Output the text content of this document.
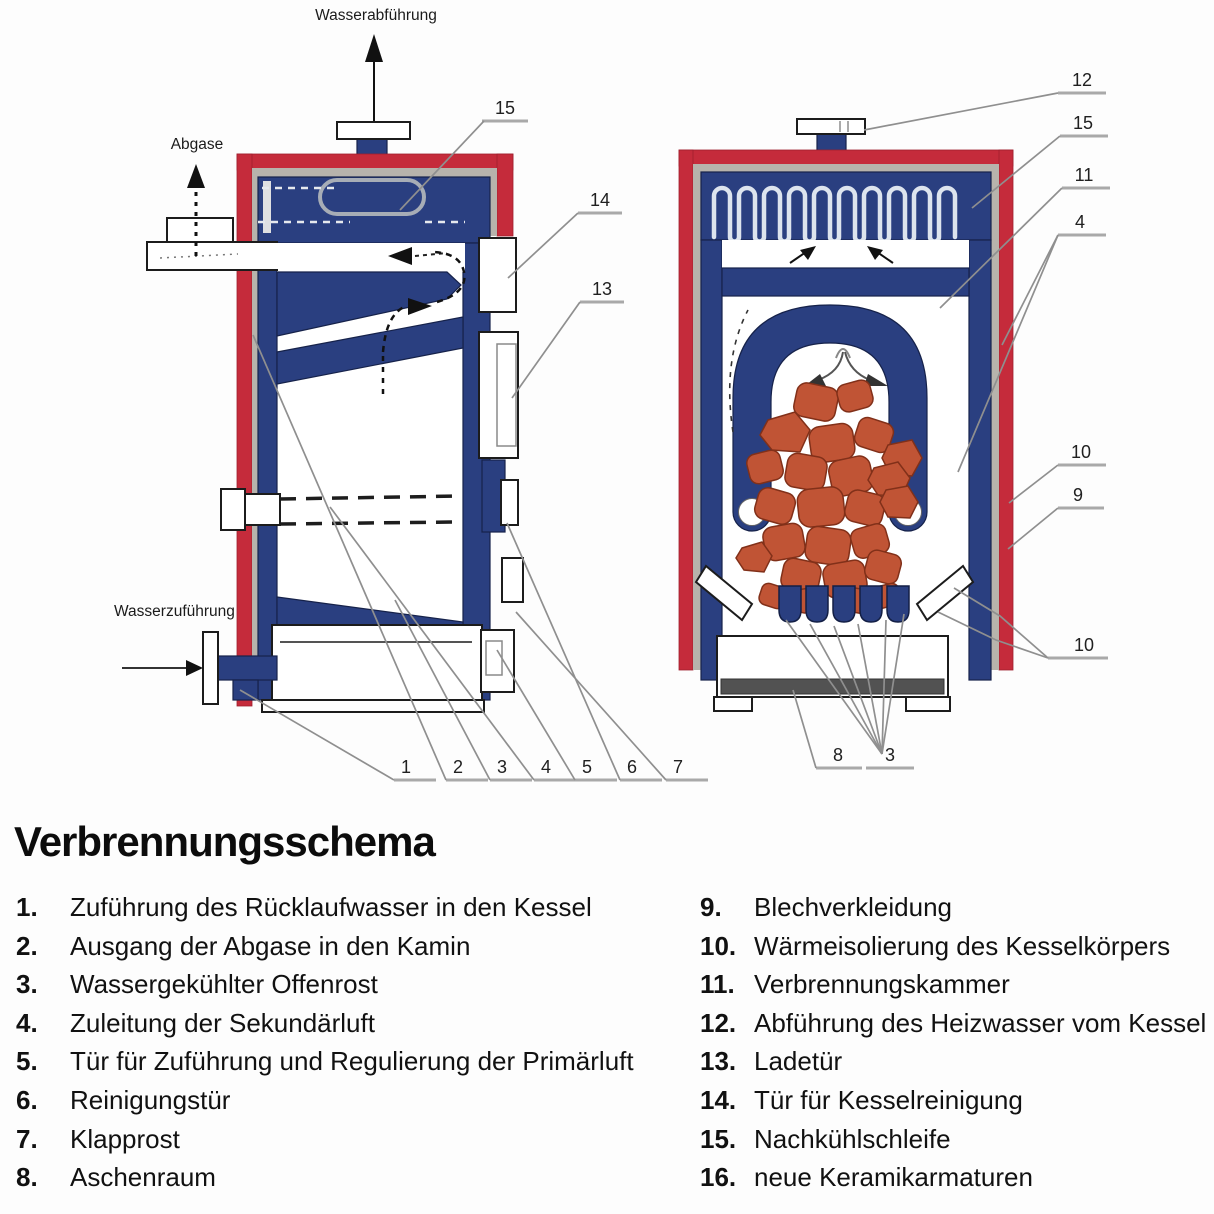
Wasserabführung
Abgase
Wasserzuführung
15
14
13
1 2 3 4 5 6 7
12
15
11
4
10
9
10
8 3
Verbrennungsschema
1.	Zuführung des Rücklaufwasser in den Kessel
2.	Ausgang der Abgase in den Kamin
3.	Wassergekühlter Offenrost
4.	Zuleitung der Sekundärluft
5.	Tür für Zuführung und Regulierung der Primärluft
6.	Reinigungstür
7.	Klapprost
8.	Aschenraum
9.	Blechverkleidung
10. Wärmeisolierung des Kesselkörpers
11. Verbrennungskammer
12. Abführung des Heizwasser vom Kessel
13. Ladetür
14. Tür für Kesselreinigung
15. Nachkühlschleife
16. neue Keramikarmaturen
